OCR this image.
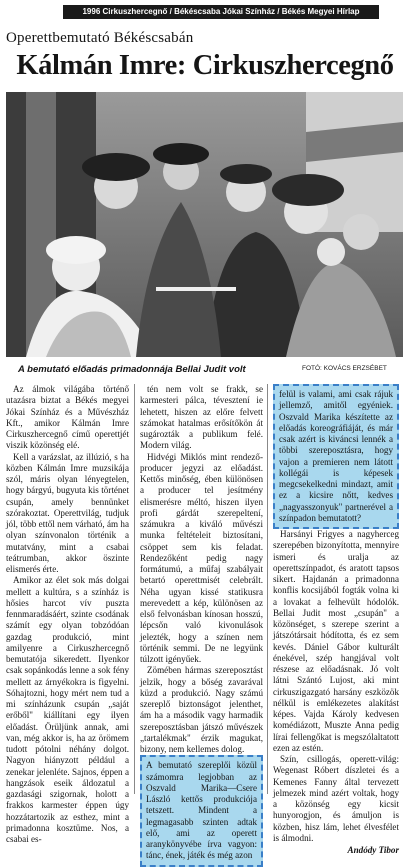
1996 Cirkuszhercegnő / Békéscsaba Jókai Színház / Békés Megyei Hírlap
Operettbemutató Békéscsabán
Kálmán Imre: Cirkuszhercegnő
A bemutató előadás primadonnája Bellai Judit volt	FOTÓ: KOVÁCS ERZSÉBET

Az álmok világába történő utazásra biztat a Békés megyei Jókai Színház és a Művészház Kft., amikor Kálmán Imre Cirkuszhercegnő című operettjét viszik közönség elé.

Kell a varázslat, az illúzió, s ha közben Kálmán Imre muzsikája szól, máris olyan lényegtelen, hogy bárgyú, bugyuta kis történet csupán, amely bennünket szórakoztat. Operettvilág, tudjuk jól, több ettől nem várható, ám ha olyan színvonalon történik a mutatvány, mint a csabai teátrumban, akkor öszinte elismerés érte.

Amikor az élet sok más dolgai mellett a kultúra, s a színház is hősies harcot vív puszta fennmaradásáért, szinte csodának számít egy olyan tobzódóan gazdag produkció, mint amilyenre a Cirkuszhercegnő bemutatója sikeredett. Ilyenkor csak sopánkodás lenne a sok fény mellett az árnyékokra is figyelni. Sóhajtozni, hogy mért nem tud a mi színházunk csupán „saját erőből" kiállítani egy ilyen előadást. Örüljünk annak, ami van, még akkor is, ha az örömem tudott pótolni néhány dolgot. Nagyon hiányzott például a zenekar jelenléte. Sajnos, éppen a hangzások eseik áldozatul a gazdasági szigornak, holott a frakkos karmester éppen úgy hozzátartozik az esthez, mint a primadonna kosztüme. Nos, a csabai es-

tén nem volt se frakk, se karmesteri pálca, tévesztení ie lehetett, hiszen az előre felvett számokat hatalmas erősítőkön át sugározták a publikum felé. Modern világ.

Hidvégi Miklós mint rendező-producer jegyzi az előadást. Kettős minőség, ében különösen a producer tel jesítmény elismerésre méltó, hiszen ilyen profi gárdát szerepeltení, számukra a kiváló művészi munka feltételeit biztosítani, csöppet sem kis feladat. Rendezőként pedig nagy formátumú, a műfaj szabályait betartó operettmisét celebrált. Néha ugyan kissé statikusra merevedett a kép, különösen az első felvonásban kínosan hosszú, lépcsőn való kivonulások jelezték, hogy a színen nem történik semmi. De ne legyünk túlzott igényűek.

Zömében hármas szereposztást jelzik, hogy a bőség zavarával küzd a produkció. Nagy számú szereplő biztonságot jelenthet, ám ha a második vagy harmadik szereposztásban játszó művészek „tartalékmak" érzik magukat, bizony, nem kellemes dolog.

A bemutató szereplői közül számomra legjobban az Oszvald Marika—Csere László kettős produkciója tetszett. Mindent a legmagasabb szinten adtak elő, ami az operett aranykönyvébe írva vagyon: tánc, ének, játék és még azon

felül is valami, ami csak rájuk jellemző, amitől egyéniek. Oszvald Marika készítette az előadás koreográfiáját, és már csak azért is kiváncsi lennék a többi szereposztásra, hogy vajon a premieren nem látott kollégái is képesek megcsekelkedni mindazt, amit ez a kicsire nőtt, kedves „nagyasszonyuk" partnerével a színpadon bemutatott?

Harsányi Frigyes a nagyherceg szerepében bizonyította, mennyire ismeri és uralja az operettszínpadot, és aratott tapsos sikert. Hajdanán a primadonna konflis kocsijából fogták volna ki a lovakat a felhevült hódolók. Bellai Judit most „csupán" a közönséget, s szerepe szerint a játszótársait hódította, és ez sem kevés. Dániel Gábor kulturált énekével, szép hangjával volt részese az előadásnak. Jó volt látni Szántó Lujost, aki mint cirkuszigazgató harsány eszközök nélkül is emlékezetes alakítást képes. Vajda Károly kedvesen komédiázott, Muszte Anna pedig lírai fellengőkat is megszólaltatott ezen az estén.

Szín, csillogás, operett-világ: Wegenast Róbert díszletei és a Kemenes Fanny által tervezett jelmezek mind azért voltak, hogy a közönség egy kicsit hunyorogjon, és ámuljon is közben, hisz lám, lehet élvesfélet is álmodni.

Andódy Tibor
